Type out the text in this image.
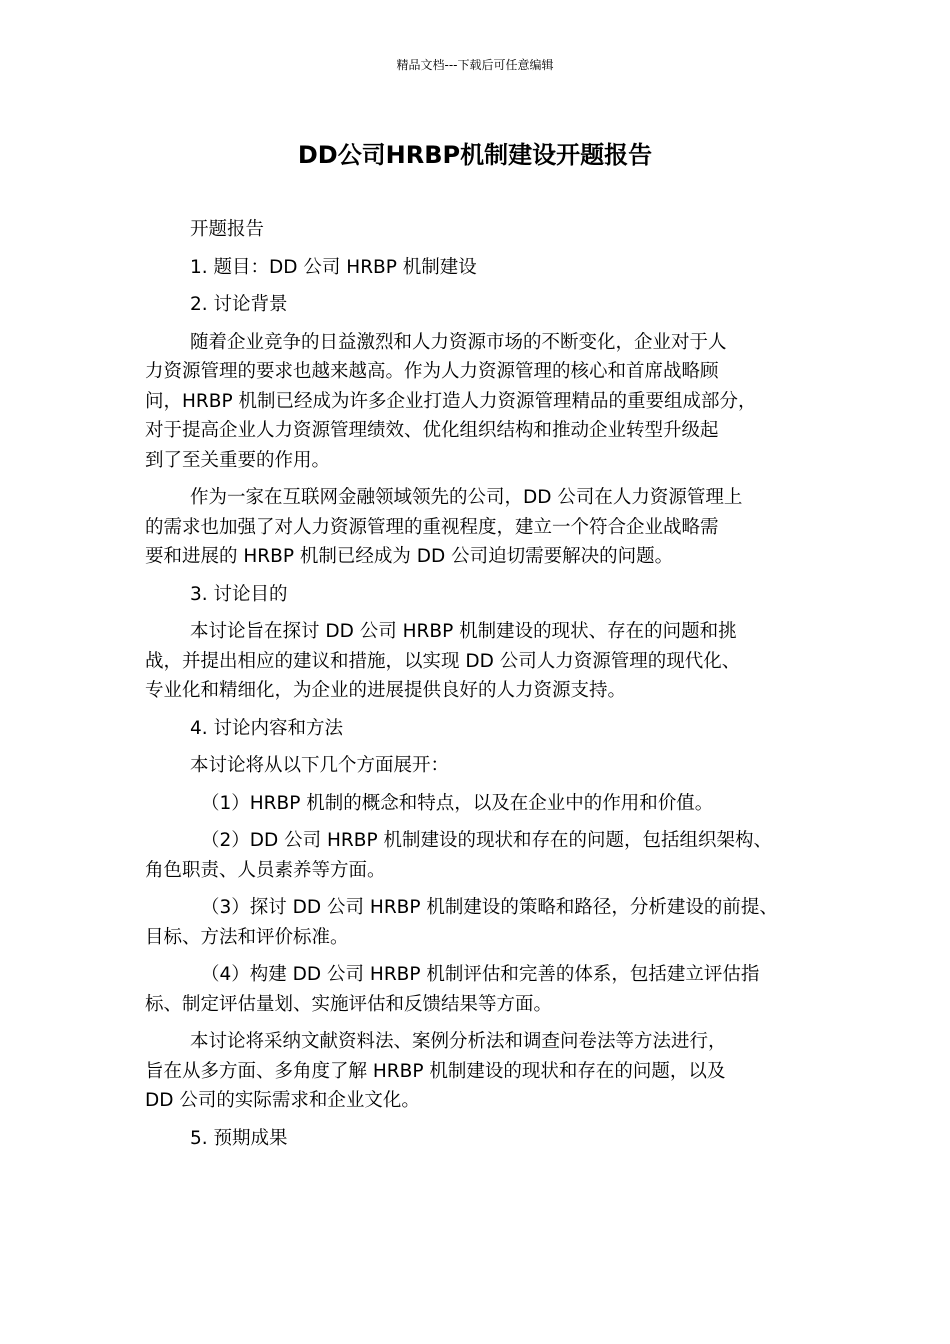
精品文档---下载后可任意编辑
DD公司HRBP机制建设开题报告

开题报告

1. 题目：DD 公司 HRBP 机制建设

2. 讨论背景

随着企业竞争的日益激烈和人力资源市场的不断变化，企业对于人
力资源管理的要求也越来越高。作为人力资源管理的核心和首席战略顾
问，HRBP 机制已经成为许多企业打造人力资源管理精品的重要组成部分，
对于提高企业人力资源管理绩效、优化组织结构和推动企业转型升级起
到了至关重要的作用。

作为一家在互联网金融领域领先的公司，DD 公司在人力资源管理上
的需求也加强了对人力资源管理的重视程度，建立一个符合企业战略需
要和进展的 HRBP 机制已经成为 DD 公司迫切需要解决的问题。

3. 讨论目的

本讨论旨在探讨 DD 公司 HRBP 机制建设的现状、存在的问题和挑
战，并提出相应的建议和措施，以实现 DD 公司人力资源管理的现代化、
专业化和精细化，为企业的进展提供良好的人力资源支持。

4. 讨论内容和方法

本讨论将从以下几个方面展开：

（1）HRBP 机制的概念和特点，以及在企业中的作用和价值。

（2）DD 公司 HRBP 机制建设的现状和存在的问题，包括组织架构、
角色职责、人员素养等方面。

（3）探讨 DD 公司 HRBP 机制建设的策略和路径，分析建设的前提、
目标、方法和评价标准。

（4）构建 DD 公司 HRBP 机制评估和完善的体系，包括建立评估指
标、制定评估量划、实施评估和反馈结果等方面。

本讨论将采纳文献资料法、案例分析法和调查问卷法等方法进行，
旨在从多方面、多角度了解 HRBP 机制建设的现状和存在的问题，以及
DD 公司的实际需求和企业文化。

5. 预期成果
